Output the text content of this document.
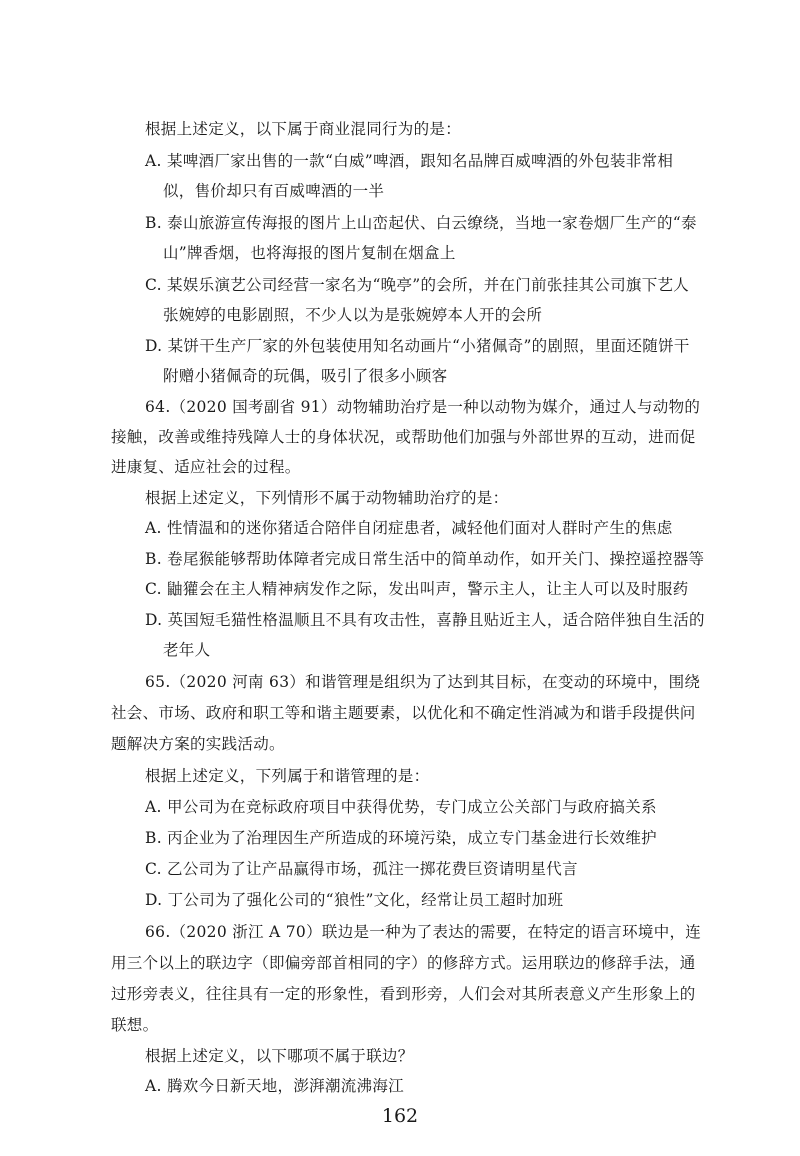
根据上述定义，以下属于商业混同行为的是：
A. 某啤酒厂家出售的一款“白威”啤酒，跟知名品牌百威啤酒的外包装非常相
似，售价却只有百威啤酒的一半
B. 泰山旅游宣传海报的图片上山峦起伏、白云缭绕，当地一家卷烟厂生产的“泰
山”牌香烟，也将海报的图片复制在烟盒上
C. 某娱乐演艺公司经营一家名为“晚亭”的会所，并在门前张挂其公司旗下艺人
张婉婷的电影剧照，不少人以为是张婉婷本人开的会所
D. 某饼干生产厂家的外包装使用知名动画片“小猪佩奇”的剧照，里面还随饼干
附赠小猪佩奇的玩偶，吸引了很多小顾客
64.（2020 国考副省 91）动物辅助治疗是一种以动物为媒介，通过人与动物的
接触，改善或维持残障人士的身体状况，或帮助他们加强与外部世界的互动，进而促
进康复、适应社会的过程。
根据上述定义，下列情形不属于动物辅助治疗的是：
A. 性情温和的迷你猪适合陪伴自闭症患者，减轻他们面对人群时产生的焦虑
B. 卷尾猴能够帮助体障者完成日常生活中的简单动作，如开关门、操控遥控器等
C. 鼬獾会在主人精神病发作之际，发出叫声，警示主人，让主人可以及时服药
D. 英国短毛猫性格温顺且不具有攻击性，喜静且贴近主人，适合陪伴独自生活的
老年人
65.（2020 河南 63）和谐管理是组织为了达到其目标，在变动的环境中，围绕
社会、市场、政府和职工等和谐主题要素，以优化和不确定性消减为和谐手段提供问
题解决方案的实践活动。
根据上述定义，下列属于和谐管理的是：
A. 甲公司为在竞标政府项目中获得优势，专门成立公关部门与政府搞关系
B. 丙企业为了治理因生产所造成的环境污染，成立专门基金进行长效维护
C. 乙公司为了让产品赢得市场，孤注一掷花费巨资请明星代言
D. 丁公司为了强化公司的“狼性”文化，经常让员工超时加班
66.（2020 浙江 A 70）联边是一种为了表达的需要，在特定的语言环境中，连
用三个以上的联边字（即偏旁部首相同的字）的修辞方式。运用联边的修辞手法，通
过形旁表义，往往具有一定的形象性，看到形旁，人们会对其所表意义产生形象上的
联想。
根据上述定义，以下哪项不属于联边？
A. 腾欢今日新天地，澎湃潮流沸海江
162
